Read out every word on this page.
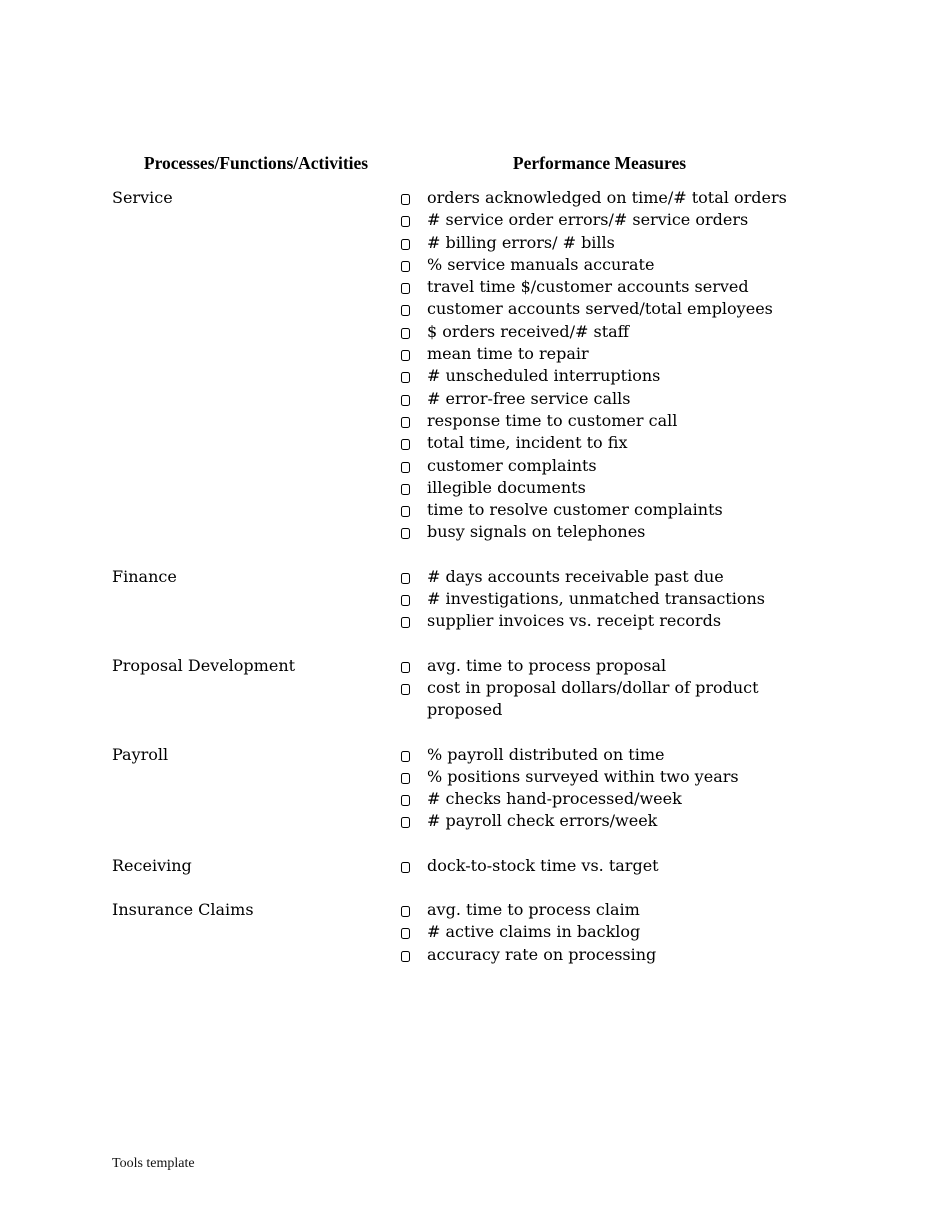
Processes/Functions/Activities	Performance Measures
Service	orders acknowledged on time/# total orders
# service order errors/# service orders
# billing errors/ # bills
% service manuals accurate
travel time $/customer accounts served
customer accounts served/total employees
$ orders received/# staff
mean time to repair
# unscheduled interruptions
# error-free service calls
response time to customer call
total time, incident to fix
customer complaints
illegible documents
time to resolve customer complaints
busy signals on telephones
Finance	# days accounts receivable past due
# investigations, unmatched transactions
supplier invoices vs. receipt records
Proposal Development	avg. time to process proposal
cost in proposal dollars/dollar of product proposed
Payroll	% payroll distributed on time
% positions surveyed within two years
# checks hand-processed/week
# payroll check errors/week
Receiving	dock-to-stock time vs. target
Insurance Claims	avg. time to process claim
# active claims in backlog
accuracy rate on processing
Tools template
